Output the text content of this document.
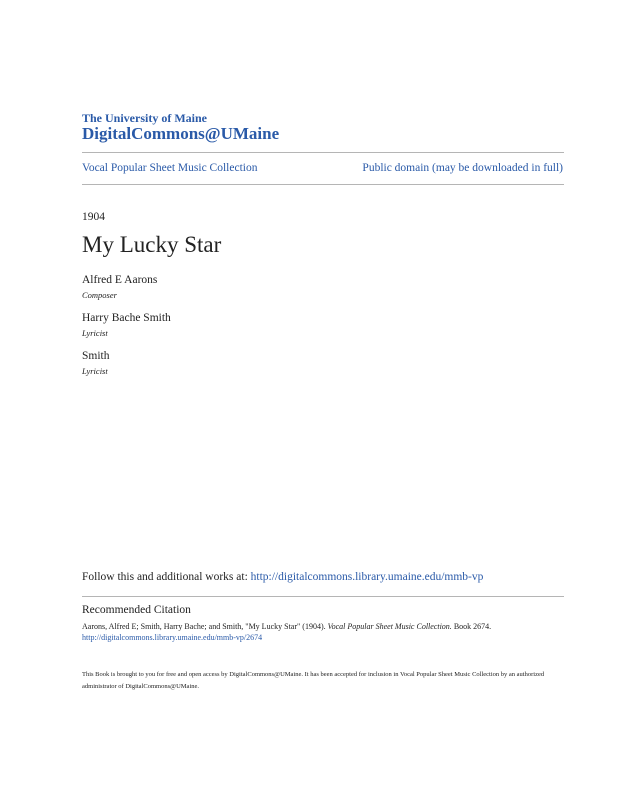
The University of Maine
DigitalCommons@UMaine
Vocal Popular Sheet Music Collection	Public domain (may be downloaded in full)
1904
My Lucky Star
Alfred E Aarons
Composer
Harry Bache Smith
Lyricist
Smith
Lyricist
Follow this and additional works at: http://digitalcommons.library.umaine.edu/mmb-vp
Recommended Citation
Aarons, Alfred E; Smith, Harry Bache; and Smith, "My Lucky Star" (1904). Vocal Popular Sheet Music Collection. Book 2674.
http://digitalcommons.library.umaine.edu/mmb-vp/2674
This Book is brought to you for free and open access by DigitalCommons@UMaine. It has been accepted for inclusion in Vocal Popular Sheet Music Collection by an authorized administrator of DigitalCommons@UMaine.
